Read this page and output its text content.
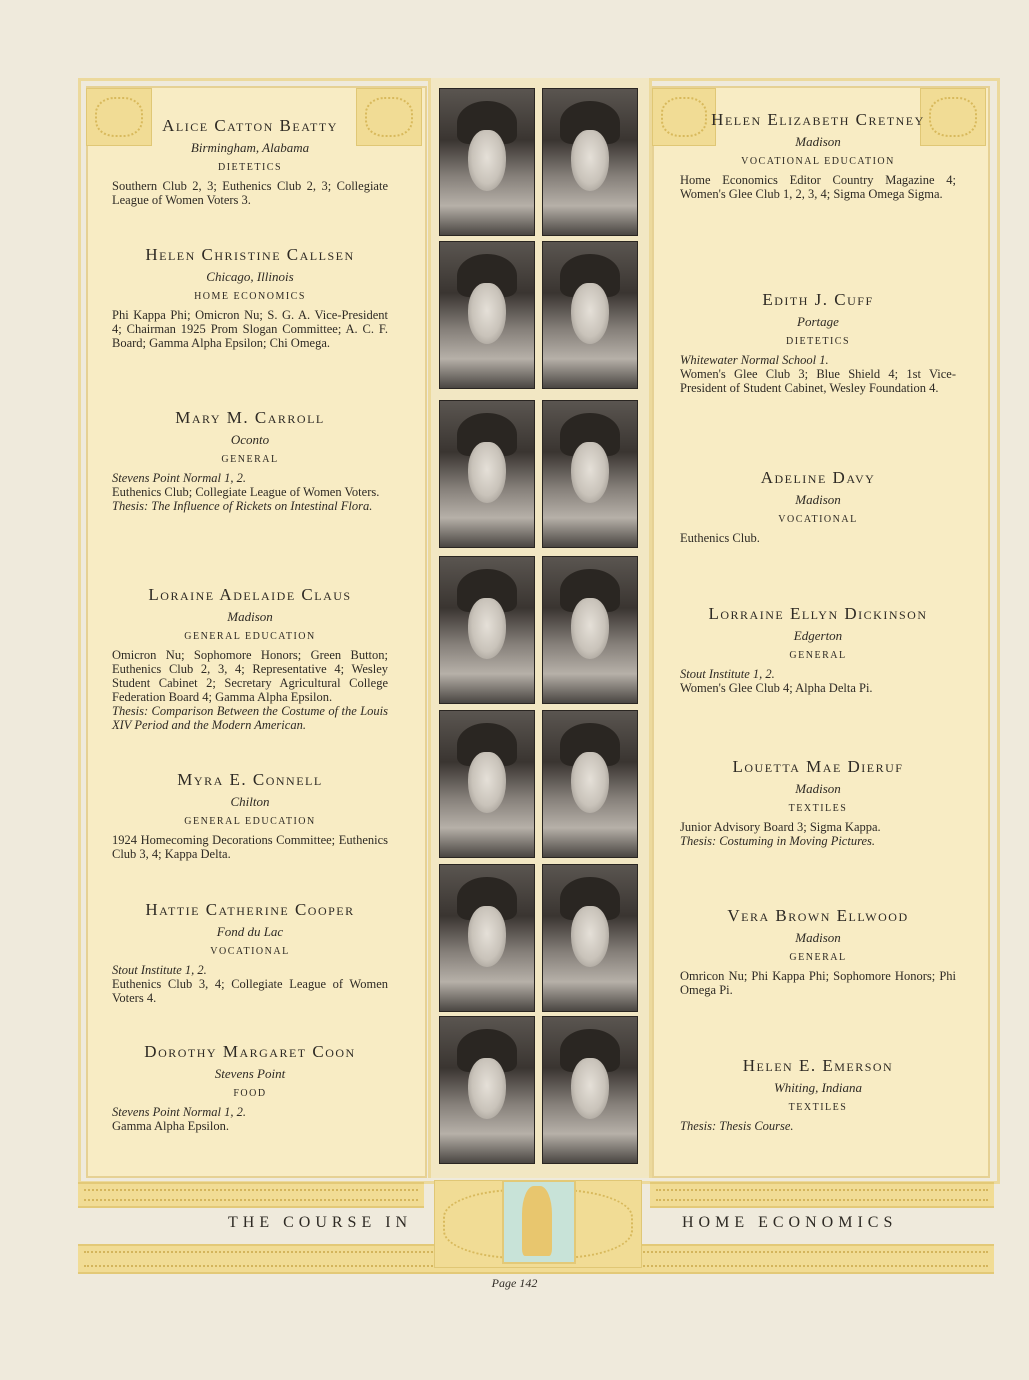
Alice Catton Beatty
Birmingham, Alabama
DIETETICS
Southern Club 2, 3; Euthenics Club 2, 3; Collegiate League of Women Voters 3.
Helen Christine Callsen
Chicago, Illinois
HOME ECONOMICS
Phi Kappa Phi; Omicron Nu; S. G. A. Vice-President 4; Chairman 1925 Prom Slogan Committee; A. C. F. Board; Gamma Alpha Epsilon; Chi Omega.
Mary M. Carroll
Oconto
GENERAL
Stevens Point Normal 1, 2.
Euthenics Club; Collegiate League of Women Voters.
Thesis: The Influence of Rickets on Intestinal Flora.
Loraine Adelaide Claus
Madison
GENERAL EDUCATION
Omicron Nu; Sophomore Honors; Green Button; Euthenics Club 2, 3, 4; Representative 4; Wesley Student Cabinet 2; Secretary Agricultural College Federation Board 4; Gamma Alpha Epsilon.
Thesis: Comparison Between the Costume of the Louis XIV Period and the Modern American.
Myra E. Connell
Chilton
GENERAL EDUCATION
1924 Homecoming Decorations Committee; Euthenics Club 3, 4; Kappa Delta.
Hattie Catherine Cooper
Fond du Lac
VOCATIONAL
Stout Institute 1, 2.
Euthenics Club 3, 4; Collegiate League of Women Voters 4.
Dorothy Margaret Coon
Stevens Point
FOOD
Stevens Point Normal 1, 2.
Gamma Alpha Epsilon.
Helen Elizabeth Cretney
Madison
VOCATIONAL EDUCATION
Home Economics Editor Country Magazine 4; Women's Glee Club 1, 2, 3, 4; Sigma Omega Sigma.
Edith J. Cuff
Portage
DIETETICS
Whitewater Normal School 1.
Women's Glee Club 3; Blue Shield 4; 1st Vice-President of Student Cabinet, Wesley Foundation 4.
Adeline Davy
Madison
VOCATIONAL
Euthenics Club.
Lorraine Ellyn Dickinson
Edgerton
GENERAL
Stout Institute 1, 2.
Women's Glee Club 4; Alpha Delta Pi.
Louetta Mae Dieruf
Madison
TEXTILES
Junior Advisory Board 3; Sigma Kappa.
Thesis: Costuming in Moving Pictures.
Vera Brown Ellwood
Madison
GENERAL
Omricon Nu; Phi Kappa Phi; Sophomore Honors; Phi Omega Pi.
Helen E. Emerson
Whiting, Indiana
TEXTILES
Thesis: Thesis Course.
THE COURSE IN	HOME ECONOMICS
Page 142
